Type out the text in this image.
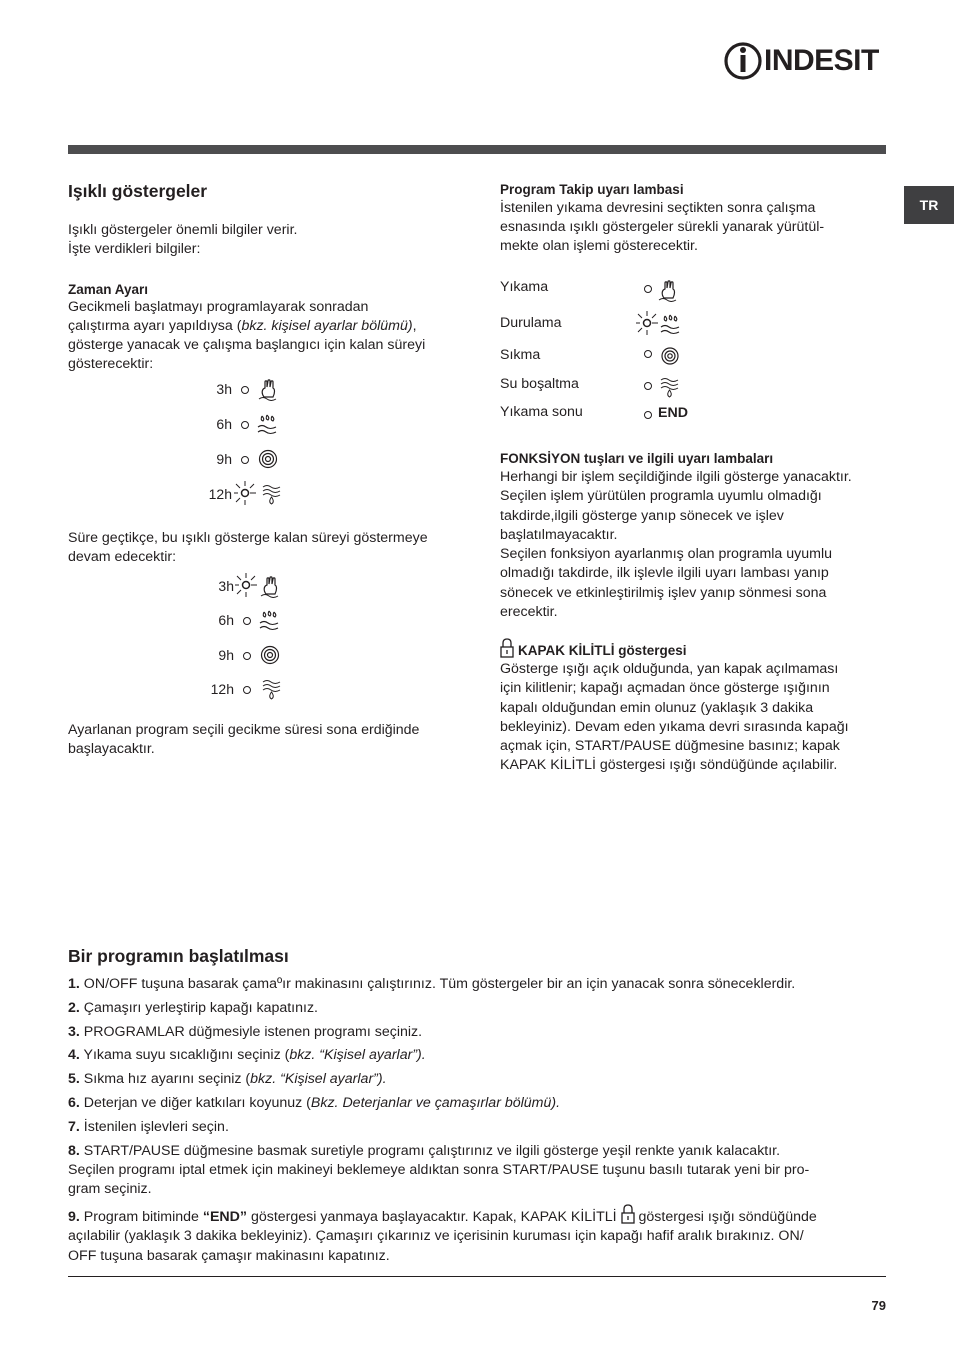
INDESIT
TR
Işıklı göstergeler

Işıklı göstergeler önemli bilgiler verir.

İşte verdikleri bilgiler:

Zaman Ayarı

Gecikmeli başlatmayı programlayarak sonradan

çalıştırma ayarı yapıldıysa (bkz. kişisel ayarlar bölümü),

gösterge yanacak ve çalışma başlangıcı için kalan süreyi

gösterecektir:

3h
6h
9h
12h

Süre geçtikçe, bu ışıklı gösterge kalan süreyi göstermeye

devam edecektir:

3h
6h
9h
12h

Ayarlanan program seçili gecikme süresi sona erdiğinde

başlayacaktır.

Program Takip uyarı lambasi

İstenilen yıkama devresini seçtikten sonra çalışma

esnasında ışıklı göstergeler sürekli yanarak yürütül-

mekte olan işlemi gösterecektir.

Yıkama
Durulama
Sıkma
Su boşaltma
Yıkama sonu	END

FONKSİYON tuşları ve ilgili uyarı lambaları

Herhangi bir işlem seçildiğinde ilgili gösterge yanacaktır.

Seçilen işlem yürütülen programla uyumlu olmadığı

takdirde,ilgili gösterge yanıp sönecek ve işlev

başlatılmayacaktır.

Seçilen fonksiyon ayarlanmış olan programla uyumlu

olmadığı takdirde, ilk işlevle ilgili uyarı lambası yanıp

sönecek ve etkinleştirilmiş işlev yanıp sönmesi sona

erecektir.

KAPAK KİLİTLİ göstergesi

Gösterge ışığı açık olduğunda, yan kapak açılmaması

için kilitlenir; kapağı açmadan önce gösterge ışığının

kapalı olduğundan emin olunuz (yaklaşık 3 dakika

bekleyiniz). Devam eden yıkama devri sırasında kapağı

açmak için, START/PAUSE düğmesine basınız; kapak

KAPAK KİLİTLİ göstergesi ışığı söndüğünde açılabilir.

Bir programın başlatılması

1. ON/OFF tuşuna basarak çamaºır makinasını çalıştırınız. Tüm göstergeler bir an için yanacak sonra söneceklerdir.

2. Çamaşırı yerleştirip kapağı kapatınız.

3. PROGRAMLAR düğmesiyle istenen programı seçiniz.

4. Yıkama suyu sıcaklığını seçiniz (bkz. “Kişisel ayarlar”).

5. Sıkma hız ayarını seçiniz (bkz. “Kişisel ayarlar”).

6. Deterjan ve diğer katkıları koyunuz (Bkz. Deterjanlar ve çamaşırlar bölümü).

7. İstenilen işlevleri seçin.

8. START/PAUSE düğmesine basmak suretiyle programı çalıştırınız ve ilgili gösterge yeşil renkte yanık kalacaktır.

Seçilen programı iptal etmek için makineyi beklemeye aldıktan sonra START/PAUSE tuşunu basılı tutarak yeni bir pro-

gram seçiniz.

9. Program bitiminde “END” göstergesi yanmaya başlayacaktır. Kapak, KAPAK KİLİTLİ  göstergesi ışığı söndüğünde

açılabilir (yaklaşık 3 dakika bekleyiniz). Çamaşırı çıkarınız ve içerisinin kuruması için kapağı hafif aralık bırakınız. ON/

OFF tuşuna basarak çamaşır makinasını kapatınız.

79
